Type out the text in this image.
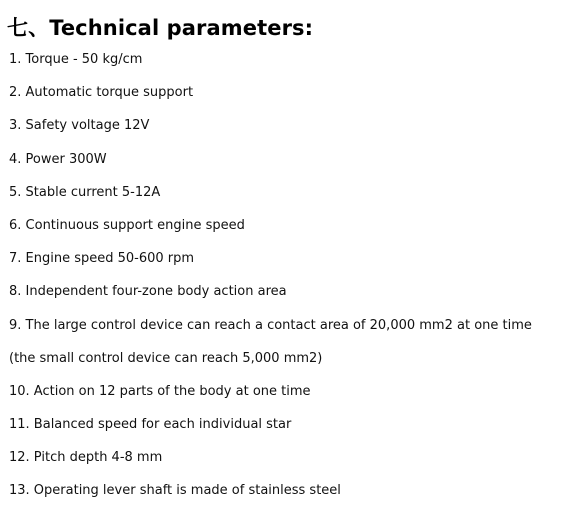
七、Technical parameters:
1. Torque - 50 kg/cm
2. Automatic torque support
3. Safety voltage 12V
4. Power 300W
5. Stable current 5-12A
6. Continuous support engine speed
7. Engine speed 50-600 rpm
8. Independent four-zone body action area
9. The large control device can reach a contact area of 20,000 mm2 at one time
(the small control device can reach 5,000 mm2)
10. Action on 12 parts of the body at one time
11. Balanced speed for each individual star
12. Pitch depth 4-8 mm
13. Operating lever shaft is made of stainless steel
